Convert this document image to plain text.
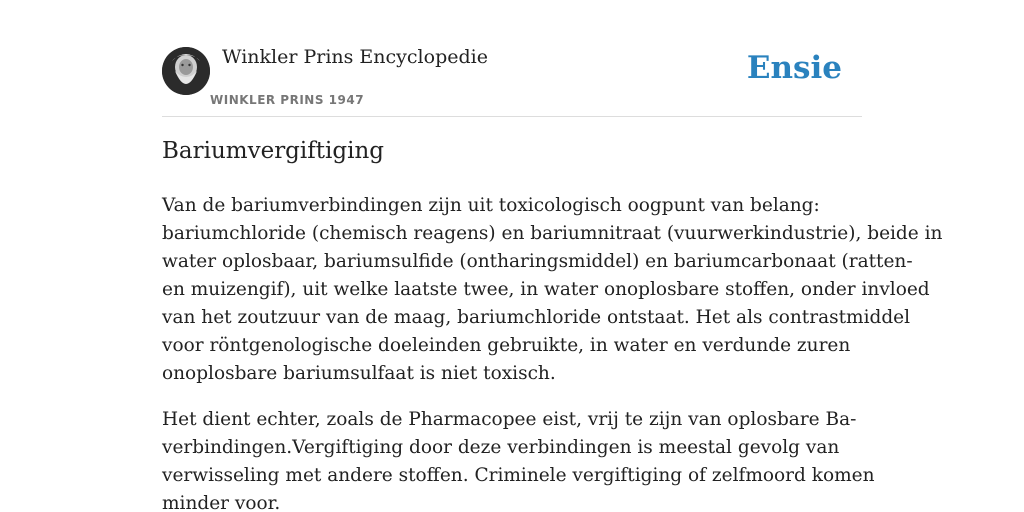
Winkler Prins Encyclopedie
WINKLER PRINS 1947
Ensie
Bariumvergiftiging

Van de bariumverbindingen zijn uit toxicologisch oogpunt van belang:
bariumchloride (chemisch reagens) en bariumnitraat (vuurwerkindustrie), beide in
water oplosbaar, bariumsulfide (ontharingsmiddel) en bariumcarbonaat (ratten-
en muizengif), uit welke laatste twee, in water onoplosbare stoffen, onder invloed
van het zoutzuur van de maag, bariumchloride ontstaat. Het als contrastmiddel
voor röntgenologische doeleinden gebruikte, in water en verdunde zuren
onoplosbare bariumsulfaat is niet toxisch.

Het dient echter, zoals de Pharmacopee eist, vrij te zijn van oplosbare Ba-
verbindingen.Vergiftiging door deze verbindingen is meestal gevolg van
verwisseling met andere stoffen. Criminele vergiftiging of zelfmoord komen
minder voor.
